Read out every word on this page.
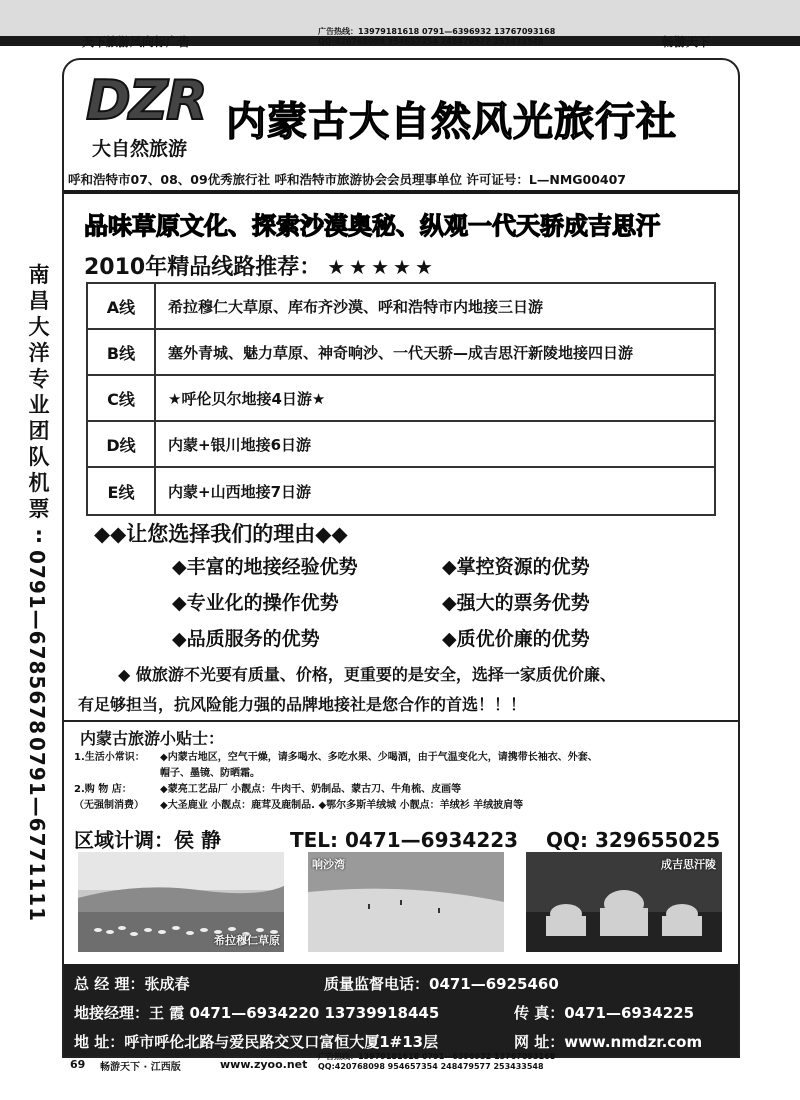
天下旅游风向标广告
广告热线：13979181618 0791—6396932 13767093168
QQ:420768098 954657354 248479577 253433548	畅游天下
南
昌
大
洋
专
业
团
队
机
票
:
0791—6785678
0791—6771111
DZR
大自然旅游
内蒙古大自然风光旅行社
呼和浩特市07、08、09优秀旅行社 呼和浩特市旅游协会会员理事单位 许可证号：L—NMG00407
品味草原文化、探索沙漠奥秘、纵观一代天骄成吉思汗
2010年精品线路推荐： ★★★★★
A线	希拉穆仁大草原、库布齐沙漠、呼和浩特市内地接三日游
B线	塞外青城、魅力草原、神奇响沙、一代天骄—成吉思汗新陵地接四日游
C线	★呼伦贝尔地接4日游★
D线	内蒙+银川地接6日游
E线	内蒙+山西地接7日游
◆◆让您选择我们的理由◆◆
◆丰富的地接经验优势	◆掌控资源的优势
◆专业化的操作优势	◆强大的票务优势
◆品质服务的优势	◆质优价廉的优势
◆ 做旅游不光要有质量、价格，更重要的是安全，选择一家质优价廉、
有足够担当，抗风险能力强的品牌地接社是您合作的首选！！！
内蒙古旅游小贴士：
1.生活小常识：	◆内蒙古地区，空气干燥，请多喝水、多吃水果、少喝酒，由于气温变化大，请携带长袖衣、外套、
帽子、墨镜、防晒霜。
2.购 物 店：	◆蒙亮工艺品厂 小靓点：牛肉干、奶制品、蒙古刀、牛角梳、皮画等
（无强制消费）	◆大圣鹿业 小靓点：鹿茸及鹿制品. ◆鄂尔多斯羊绒城 小靓点：羊绒衫 羊绒披肩等
区域计调：侯 静	TEL: 0471—6934223 QQ: 329655025
希拉穆仁草原
响沙湾	成吉思汗陵
总 经 理：张成春	质量监督电话：0471—6925460
地接经理：王 霞 0471—6934220 13739918445	传 真：0471—6934225
地 址：呼市呼伦北路与爱民路交叉口富恒大厦1#13层	网 址：www.nmdzr.com
69 畅游天下 · 江西版	www.zyoo.net
广告热线：13979181618 0791—6396932 13767093168
QQ:420768098 954657354 248479577 253433548
